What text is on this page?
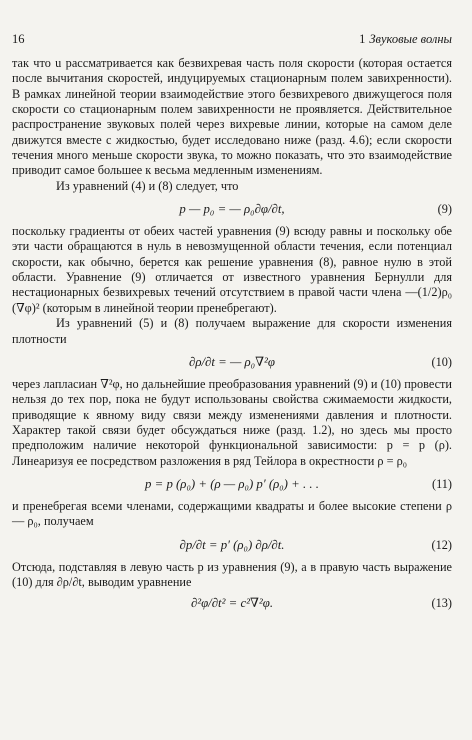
16	1 Звуковые волны

так что u рассматривается как безвихревая часть поля скорости (которая остается после вычитания скоростей, индуцируемых стационарным полем завихренности). В рамках линейной теории взаимодействие этого безвихревого движущегося поля скорости со стационарным полем завихренности не проявляется. Действительное распространение звуковых полей через вихревые линии, которые на самом деле движутся вместе с жидкостью, будет исследовано ниже (разд. 4.6); если скорости течения много меньше скорости звука, то можно показать, что это взаимодействие приводит самое большее к весьма медленным изменениям.

Из уравнений (4) и (8) следует, что

p — p₀ = — ρ₀∂φ/∂t,	(9)

поскольку градиенты от обеих частей уравнения (9) всюду равны и поскольку обе эти части обращаются в нуль в невозмущенной области течения, если потенциал скорости, как обычно, берется как решение уравнения (8), равное нулю в этой области. Уравнение (9) отличается от известного уравнения Бернулли для нестационарных безвихревых течений отсутствием в правой части члена —(1/2)ρ₀ (∇φ)² (которым в линейной теории пренебрегают).

Из уравнений (5) и (8) получаем выражение для скорости изменения плотности

∂ρ/∂t = — ρ₀∇²φ	(10)

через лапласиан ∇²φ, но дальнейшие преобразования уравнений (9) и (10) провести нельзя до тех пор, пока не будут использованы свойства сжимаемости жидкости, приводящие к явному виду связи между изменениями давления и плотности. Характер такой связи будет обсуждаться ниже (разд. 1.2), но здесь мы просто предположим наличие некоторой функциональной зависимости: p = p (ρ). Линеаризуя ее посредством разложения в ряд Тейлора в окрестности ρ = ρ₀

p = p (ρ₀) + (ρ — ρ₀) p′ (ρ₀) + . . .	(11)

и пренебрегая всеми членами, содержащими квадраты и более высокие степени ρ — ρ₀, получаем

∂p/∂t = p′ (ρ₀) ∂ρ/∂t.	(12)

Отсюда, подставляя в левую часть p из уравнения (9), а в правую часть выражение (10) для ∂ρ/∂t, выводим уравнение

∂²φ/∂t² = c²∇²φ.	(13)
